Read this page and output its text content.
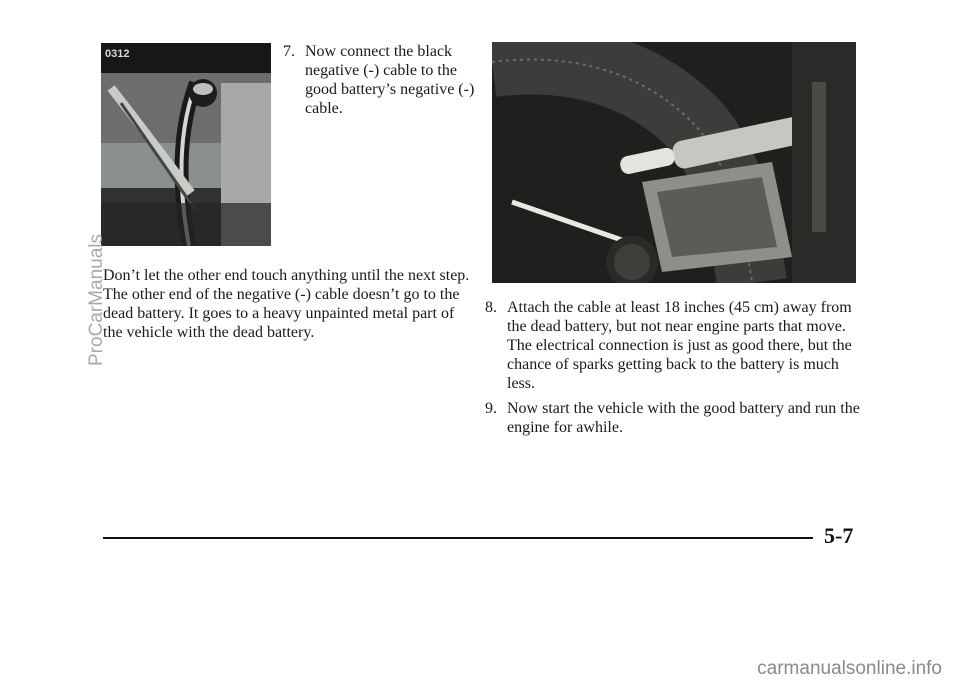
0312	7. Now connect the black negative (-) cable to the good battery’s negative (-) cable.
Don’t let the other end touch anything until the next step. The other end of the negative (-) cable doesn’t go to the dead battery. It goes to a heavy unpainted metal part of the vehicle with the dead battery.
8. Attach the cable at least 18 inches (45 cm) away from the dead battery, but not near engine parts that move. The electrical connection is just as good there, but the chance of sparks getting back to the battery is much less.
9. Now start the vehicle with the good battery and run the engine for awhile.
5-7
ProCarManuals
carmanualsonline.info
